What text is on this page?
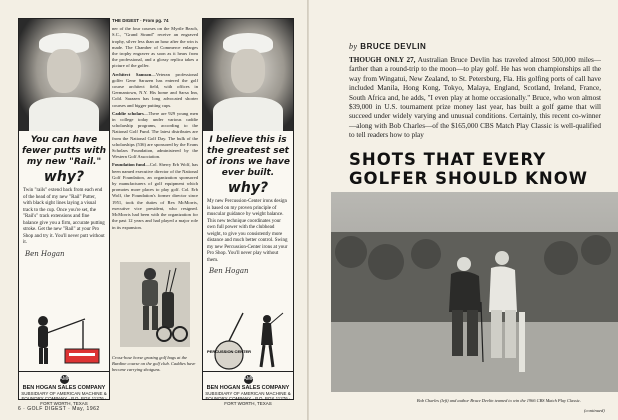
You can have fewer putts with my new "Rail."
why?
Twin "rails" extend back from each end of the head of my new "Rail" Putter, with black sight lines laying a visual track to the cup. Once you're set, the "Rail's" track extensions and fine balance give you a firm, accurate putting stroke. Get the new "Rail" at your Pro Shop and try it. You'll never putt without it.
Ben Hogan
AMF
BEN HOGAN SALES COMPANY
SUBSIDIARY OF AMERICAN MACHINE & FOUNDRY COMPANY · P.O. BOX 11276 · FORT WORTH, TEXAS
THE DIGEST · From pg. 74

ner of the four courses on the Myrtle Beach, S.C., "Grand Strand" receive an engraved trophy, silver less than an hour after the win is made. The Chamber of Commerce enlarges the trophy engraver as soon as it hears from the professional, and a glossy replica takes a picture of the golfer.

Architect Samson—Veteran professional golfer Gene Sarazen has entered the golf course architect field, with offices in Germantown, N.Y. His home and Sarsa Inn, Cold. Sarazen has long advocated shorter courses and bigger putting cups.

Caddie scholars—There are 929 young men in college today under various caddie scholarship programs, according to the National Golf Fund. The latest distributes are from the National Golf Day. The bulk of the scholarships (536) are sponsored by the Evans Scholars Foundation, administered by the Western Golf Association.

Foundation fund—Col. Sherry Erb Wolf, has been named executive director of the National Golf Foundation, an organization sponsored by manufacturers of golf equipment which promotes more places to play golf. Col. Erb Wolf, the Foundation's former director since 1951, took the duties of Rex McMorris, executive vice president, who resigned. McMorris had been with the organization for the past 12 years and had played a major role in its expansion.

Cross-hose horse grazing golf bags at the Burdine course on the golf club. Caddies have become carrying shotguns.
I believe this is the greatest set of irons we have ever built.
why?
My new Percussion-Center irons design is based on my proven principle of muscular guidance by weight balance. This new technique coordinates your own full power with the clubhead weight, to give you consistently more distance and much better control. Swing my new Percussion-Center irons at your Pro Shop. You'll never play without them.
Ben Hogan
PERCUSSION CENTER
AMF
BEN HOGAN SALES COMPANY
SUBSIDIARY OF AMERICAN MACHINE & FOUNDRY COMPANY · P.O. BOX 11276 · FORT WORTH, TEXAS
6 · GOLF DIGEST · May, 1962
by BRUCE DEVLIN
THOUGH ONLY 27, Australian Bruce Devlin has traveled almost 500,000 miles—farther than a round-trip to the moon—to play golf. He has won championships all the way from Wingatui, New Zealand, to St. Petersburg, Fla. His golfing ports of call have included Manila, Hong Kong, Tokyo, Malaya, England, Scotland, Ireland, France, South Africa and, he adds, "I even play at home occasionally." Bruce, who won almost $39,000 in U.S. tournament prize money last year, has built a golf game that will succeed under widely varying and unusual conditions. Certainly, this recent co-winner—along with Bob Charles—of the $165,000 CBS Match Play Classic is well-qualified to tell readers how to play
SHOTS THAT EVERY GOLFER SHOULD KNOW
Bob Charles (left) and author Bruce Devlin teamed to win the 1966 CBS Match Play Classic.
(continued)
